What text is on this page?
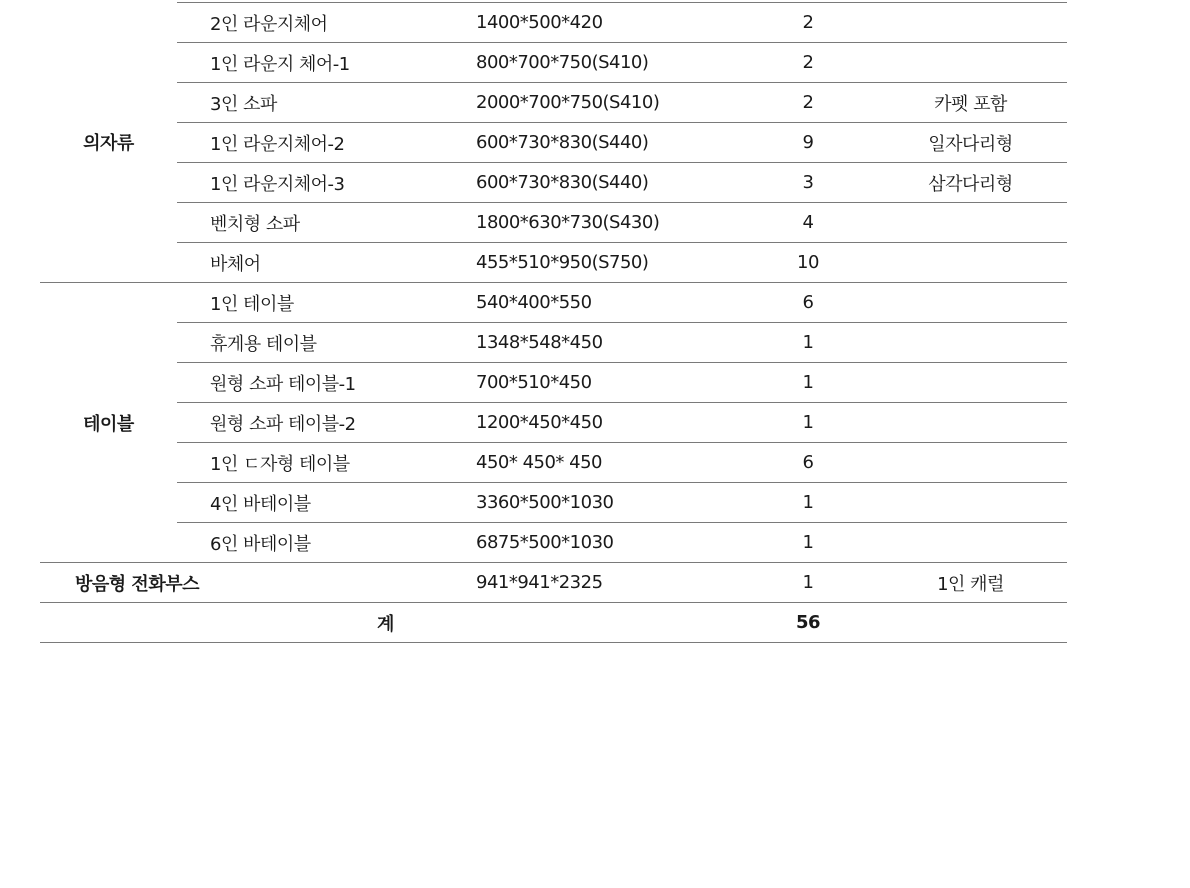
의자류	2인 라운지체어	1400*500*420	2	
	1인 라운지 체어-1	800*700*750(S410)	2	
	3인 소파	2000*700*750(S410)	2	카펫 포함
	1인 라운지체어-2	600*730*830(S440)	9	일자다리형
	1인 라운지체어-3	600*730*830(S440)	3	삼각다리형
	벤치형 소파	1800*630*730(S430)	4	
	바체어	455*510*950(S750)	10	
테이블	1인 테이블	540*400*550	6	
	휴게용 테이블	1348*548*450	1	
	원형 소파 테이블-1	700*510*450	1	
	원형 소파 테이블-2	1200*450*450	1	
	1인 ㄷ자형 테이블	450* 450* 450	6	
	4인 바테이블	3360*500*1030	1	
	6인 바테이블	6875*500*1030	1	
방음형 전화부스		941*941*2325	1	1인 캐럴
계			56	
